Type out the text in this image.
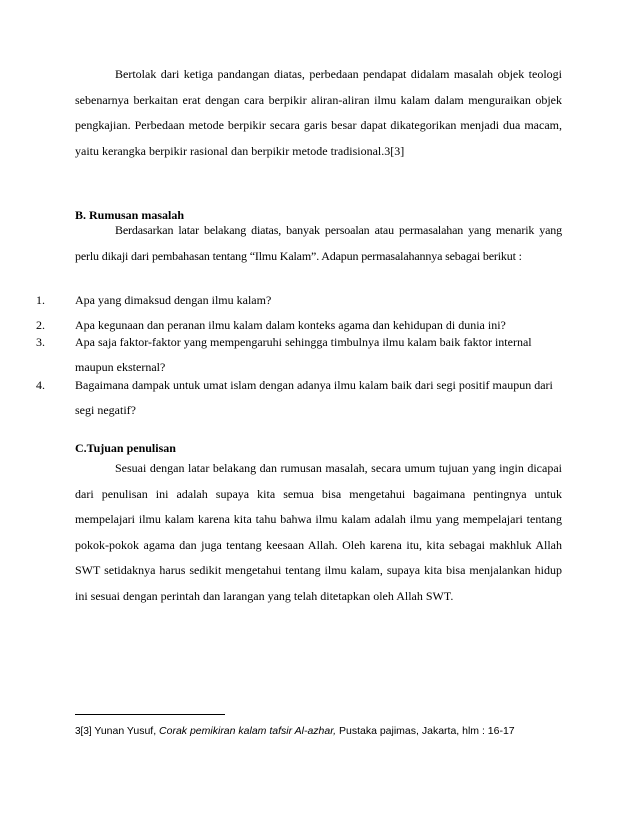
Bertolak dari ketiga pandangan diatas, perbedaan pendapat didalam masalah objek teologi sebenarnya berkaitan erat dengan cara berpikir aliran-aliran ilmu kalam dalam menguraikan objek pengkajian. Perbedaan metode berpikir secara garis besar dapat dikategorikan menjadi dua macam, yaitu kerangka berpikir rasional dan berpikir metode tradisional.3[3]

B. Rumusan masalah

Berdasarkan latar belakang diatas, banyak persoalan atau permasalahan yang menarik yang perlu dikaji dari pembahasan tentang “Ilmu Kalam”. Adapun permasalahannya sebagai berikut :

1.	Apa yang dimaksud dengan ilmu kalam?
2.	Apa kegunaan dan peranan ilmu kalam dalam konteks agama dan kehidupan di dunia ini?
3.	Apa saja faktor-faktor yang mempengaruhi sehingga timbulnya ilmu kalam baik faktor internal maupun eksternal?
4.	Bagaimana dampak untuk umat islam dengan adanya ilmu kalam baik dari segi positif maupun dari segi negatif?
C.Tujuan penulisan

Sesuai dengan latar belakang dan rumusan masalah, secara umum tujuan yang ingin dicapai dari penulisan ini adalah supaya kita semua bisa mengetahui bagaimana pentingnya untuk mempelajari ilmu kalam karena kita tahu bahwa ilmu kalam adalah ilmu yang mempelajari tentang pokok-pokok agama dan juga tentang keesaan Allah. Oleh karena itu, kita sebagai makhluk Allah SWT setidaknya harus sedikit mengetahui tentang ilmu kalam, supaya kita bisa menjalankan hidup ini sesuai dengan perintah dan larangan yang telah ditetapkan oleh Allah SWT.

3[3] Yunan Yusuf, Corak pemikiran kalam tafsir Al-azhar, Pustaka pajimas, Jakarta, hlm : 16-17
